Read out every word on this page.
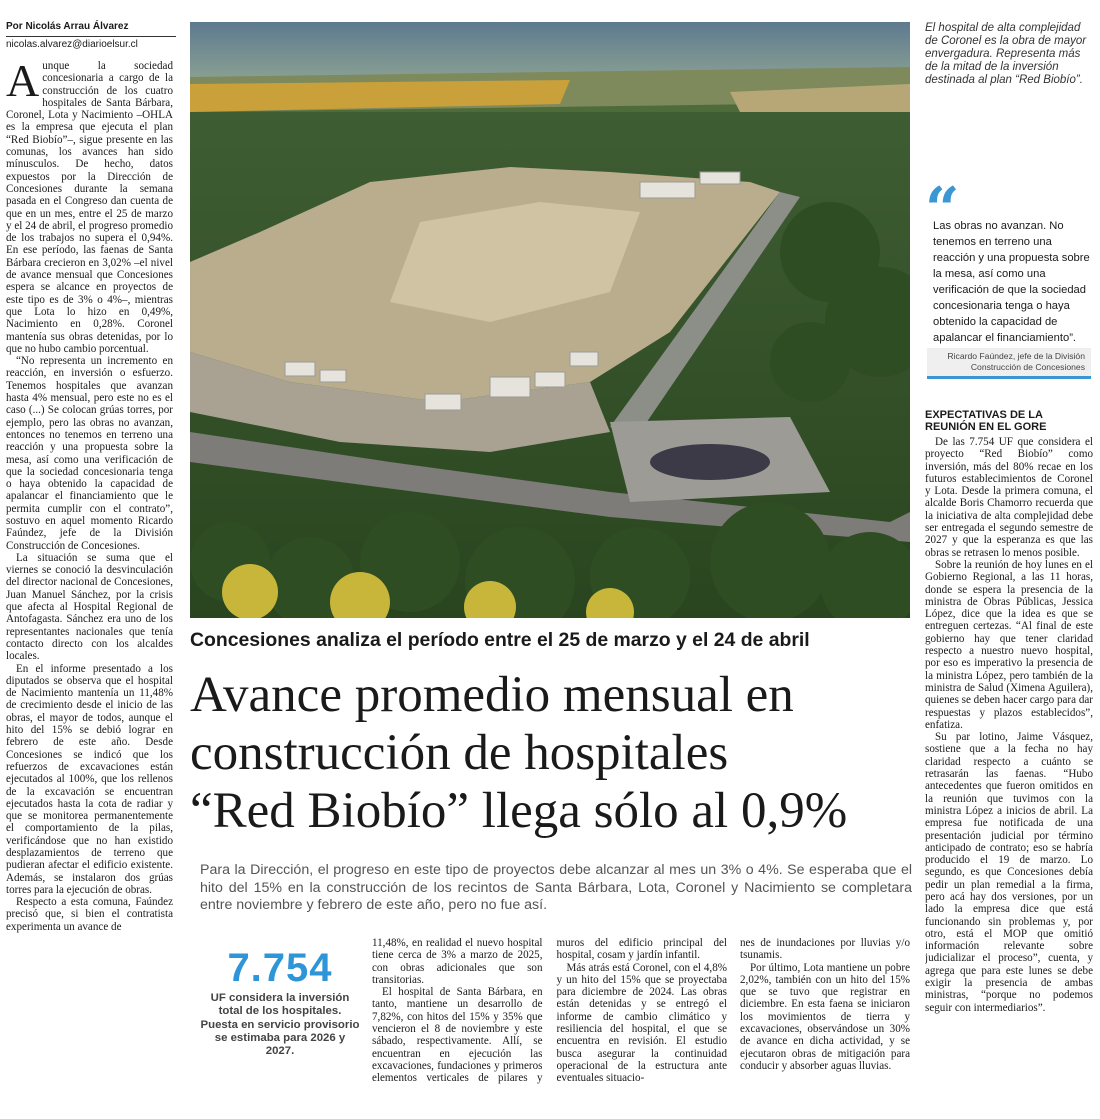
Por Nicolás Arrau Álvarez
nicolas.alvarez@diarioelsur.cl
A unque la sociedad concesionaria a cargo de la construcción de los cuatro hospitales de Santa Bárbara, Coronel, Lota y Nacimiento –OHLA es la empresa que ejecuta el plan “Red Biobío”–, sigue presente en las comunas, los avances han sido mínusculos. De hecho, datos expuestos por la Dirección de Concesiones durante la semana pasada en el Congreso dan cuenta de que en un mes, entre el 25 de marzo y el 24 de abril, el progreso promedio de los trabajos no supera el 0,94%. En ese período, las faenas de Santa Bárbara crecieron en 3,02% –el nivel de avance mensual que Concesiones espera se alcance en proyectos de este tipo es de 3% o 4%–, mientras que Lota lo hizo en 0,49%, Nacimiento en 0,28%. Coronel mantenía sus obras detenidas, por lo que no hubo cambio porcentual.

“No representa un incremento en reacción, en inversión o esfuerzo. Tenemos hospitales que avanzan hasta 4% mensual, pero este no es el caso (...) Se colocan grúas torres, por ejemplo, pero las obras no avanzan, entonces no tenemos en terreno una reacción y una propuesta sobre la mesa, así como una verificación de que la sociedad concesionaria tenga o haya obtenido la capacidad de apalancar el financiamiento que le permita cumplir con el contrato”, sostuvo en aquel momento Ricardo Faúndez, jefe de la División Construcción de Concesiones.

La situación se suma que el viernes se conoció la desvinculación del director nacional de Concesiones, Juan Manuel Sánchez, por la crisis que afecta al Hospital Regional de Antofagasta. Sánchez era uno de los representantes nacionales que tenía contacto directo con los alcaldes locales.

En el informe presentado a los diputados se observa que el hospital de Nacimiento mantenía un 11,48% de crecimiento desde el inicio de las obras, el mayor de todos, aunque el hito del 15% se debió lograr en febrero de este año. Desde Concesiones se indicó que los refuerzos de excavaciones están ejecutados al 100%, que los rellenos de la excavación se encuentran ejecutados hasta la cota de radiar y que se monitorea permanentemente el comportamiento de la pilas, verificándose que no han existido desplazamientos de terreno que pudieran afectar el edificio existente. Además, se instalaron dos grúas torres para la ejecución de obras.

Respecto a esta comuna, Faúndez precisó que, si bien el contratista experimenta un avance de

El hospital de alta complejidad de Coronel es la obra de mayor envergadura. Representa más de la mitad de la inversión destinada al plan “Red Biobío”.
“
Las obras no avanzan. No tenemos en terreno una reacción y una propuesta sobre la mesa, así como una verificación de que la sociedad concesionaria tenga o haya obtenido la capacidad de apalancar el financiamiento”.
Ricardo Faúndez, jefe de la División Construcción de Concesiones
EXPECTATIVAS DE LA REUNIÓN EN EL GORE

De las 7.754 UF que considera el proyecto “Red Biobío” como inversión, más del 80% recae en los futuros establecimientos de Coronel y Lota. Desde la primera comuna, el alcalde Boris Chamorro recuerda que la iniciativa de alta complejidad debe ser entregada el segundo semestre de 2027 y que la esperanza es que las obras se retrasen lo menos posible.

Sobre la reunión de hoy lunes en el Gobierno Regional, a las 11 horas, donde se espera la presencia de la ministra de Obras Públicas, Jessica López, dice que la idea es que se entreguen certezas. “Al final de este gobierno hay que tener claridad respecto a nuestro nuevo hospital, por eso es imperativo la presencia de la ministra López, pero también de la ministra de Salud (Ximena Aguilera), quienes se deben hacer cargo para dar respuestas y plazos establecidos”, enfatiza.

Su par lotino, Jaime Vásquez, sostiene que a la fecha no hay claridad respecto a cuánto se retrasarán las faenas. “Hubo antecedentes que fueron omitidos en la reunión que tuvimos con la ministra López a inicios de abril. La empresa fue notificada de una presentación judicial por término anticipado de contrato; eso se habría producido el 19 de marzo. Lo segundo, es que Concesiones debía pedir un plan remedial a la firma, pero acá hay dos versiones, por un lado la empresa dice que está funcionando sin problemas y, por otro, está el MOP que omitió información relevante sobre judicializar el proceso”, cuenta, y agrega que para este lunes se debe exigir la presencia de ambas ministras, “porque no podemos seguir con intermediarios”.

Concesiones analiza el período entre el 25 de marzo y el 24 de abril
Avance promedio mensual en
construcción de hospitales
“Red Biobío” llega sólo al 0,9%
Para la Dirección, el progreso en este tipo de proyectos debe alcanzar al mes un 3% o 4%. Se esperaba que el hito del 15% en la construcción de los recintos de Santa Bárbara, Lota, Coronel y Nacimiento se completara entre noviembre y febrero de este año, pero no fue así.
7.754
UF considera la inversión total de los hospitales.
Puesta en servicio provisorio se estimaba para 2026 y 2027.

11,48%, en realidad el nuevo hospital tiene cerca de 3% a marzo de 2025, con obras adicionales que son transitorias.

El hospital de Santa Bárbara, en tanto, mantiene un desarrollo de 7,82%, con hitos del 15% y 35% que vencieron el 8 de noviembre y este sábado, respectivamente. Allí, se encuentran en ejecución las excavaciones, fundaciones y primeros elementos verticales de pilares y muros del edificio principal del hospital, cosam y jardín infantil.

Más atrás está Coronel, con el 4,8% y un hito del 15% que se proyectaba para diciembre de 2024. Las obras están detenidas y se entregó el informe de cambio climático y resiliencia del hospital, el que se encuentra en revisión. El estudio busca asegurar la continuidad operacional de la estructura ante eventuales situacio-

nes de inundaciones por lluvias y/o tsunamis.

Por último, Lota mantiene un pobre 2,02%, también con un hito del 15% que se tuvo que registrar en diciembre. En esta faena se iniciaron los movimientos de tierra y excavaciones, observándose un 30% de avance en dicha actividad, y se ejecutaron obras de mitigación para conducir y absorber aguas lluvias.
